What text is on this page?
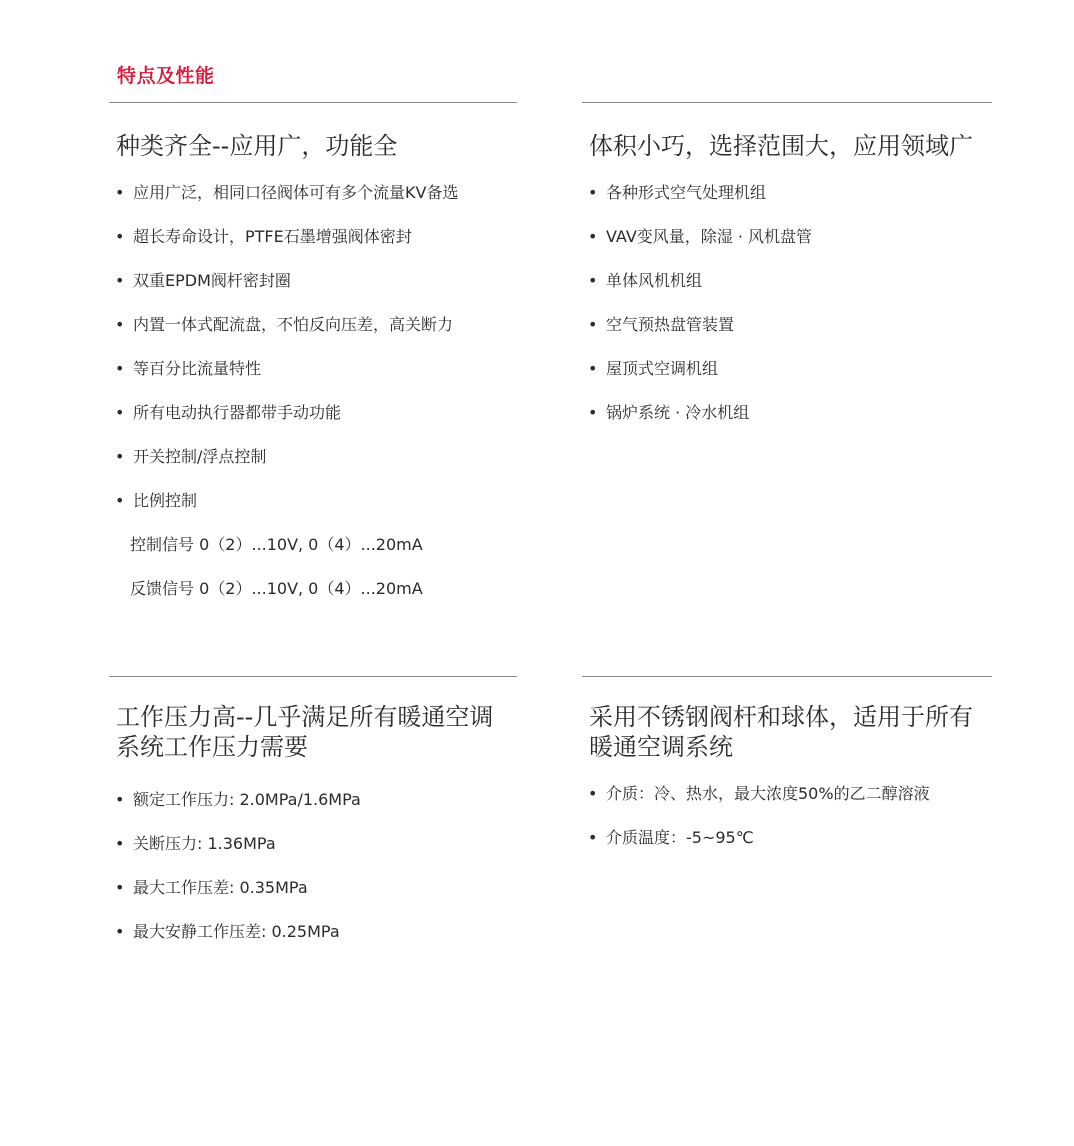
特点及性能
种类齐全--应用广，功能全
• 应用广泛，相同口径阀体可有多个流量KV备选
• 超长寿命设计，PTFE石墨增强阀体密封
• 双重EPDM阀杆密封圈
• 内置一体式配流盘，不怕反向压差，高关断力
• 等百分比流量特性
• 所有电动执行器都带手动功能
• 开关控制/浮点控制
• 比例控制
控制信号 0（2）...10V, 0（4）...20mA
反馈信号 0（2）...10V, 0（4）...20mA
体积小巧，选择范围大，应用领域广
• 各种形式空气处理机组
• VAV变风量，除湿 · 风机盘管
• 单体风机机组
• 空气预热盘管装置
• 屋顶式空调机组
• 锅炉系统 · 冷水机组
工作压力高--几乎满足所有暖通空调
系统工作压力需要
• 额定工作压力: 2.0MPa/1.6MPa
• 关断压力: 1.36MPa
• 最大工作压差: 0.35MPa
• 最大安静工作压差: 0.25MPa
采用不锈钢阀杆和球体，适用于所有
暖通空调系统
• 介质：冷、热水，最大浓度50%的乙二醇溶液
• 介质温度：-5~95℃
